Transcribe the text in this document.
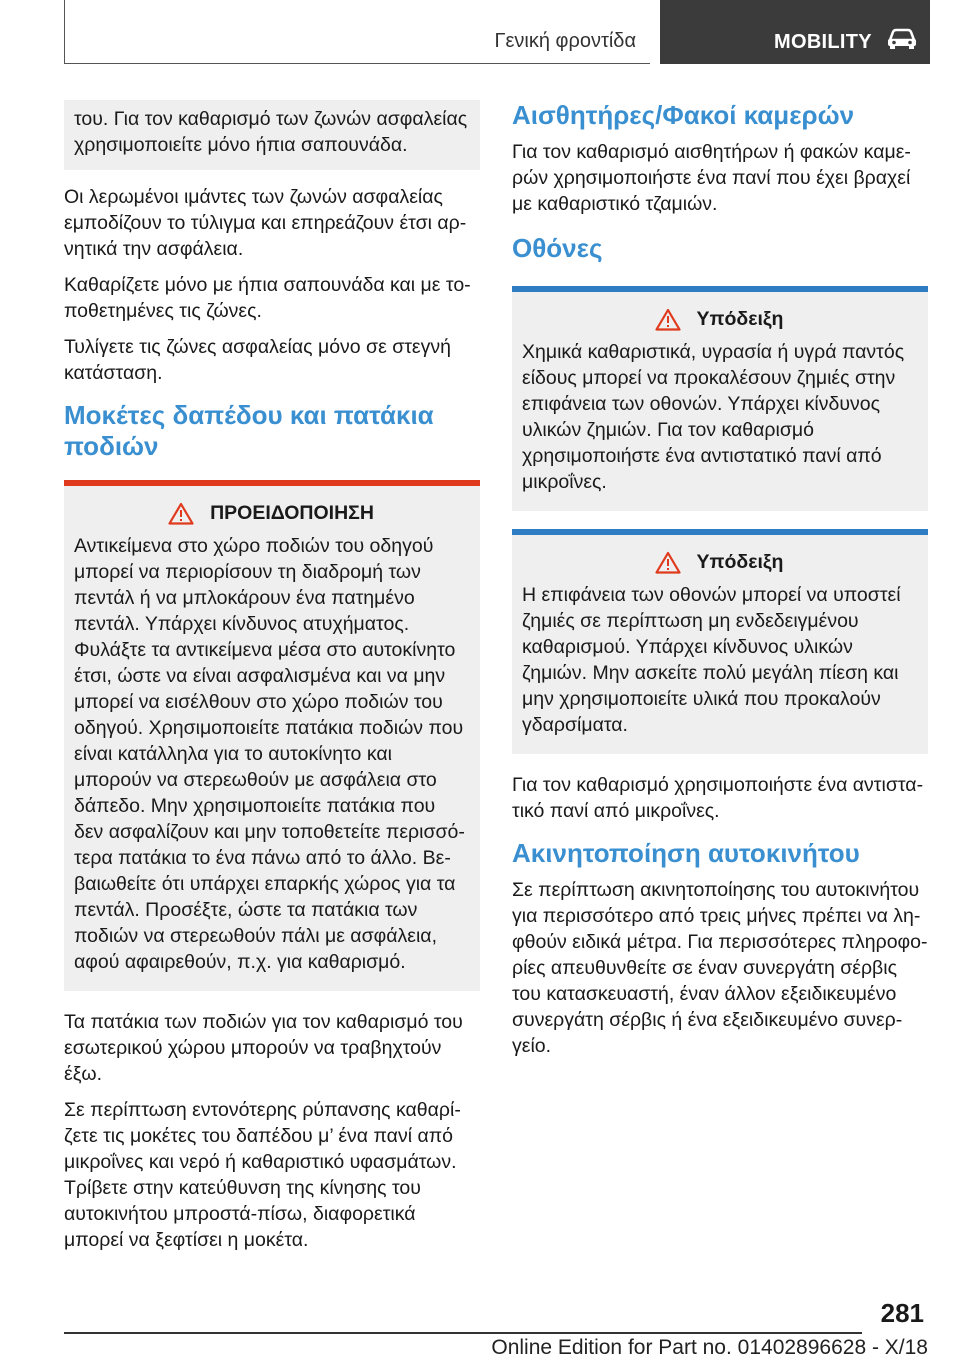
Γενική φροντίδα	MOBILITY

του. Για τον καθαρισμό των ζωνών ασφαλείας χρησιμοποιείτε μόνο ήπια σαπουνάδα.

Οι λερωμένοι ιμάντες των ζωνών ασφαλείας εμποδίζουν το τύλιγμα και επηρεάζουν έτσι αρνητικά την ασφάλεια.

Καθαρίζετε μόνο με ήπια σαπουνάδα και με τοποθετημένες τις ζώνες.

Τυλίγετε τις ζώνες ασφαλείας μόνο σε στεγνή κατάσταση.

Μοκέτες δαπέδου και πατάκια ποδιών
ΠΡΟΕΙΔΟΠΟΙΗΣΗ

Αντικείμενα στο χώρο ποδιών του οδηγού μπορεί να περιορίσουν τη διαδρομή των πεντάλ ή να μπλοκάρουν ένα πατημένο πεντάλ. Υπάρχει κίνδυνος ατυχήματος. Φυλάξτε τα αντικείμενα μέσα στο αυτοκίνητο έτσι, ώστε να είναι ασφαλισμένα και να μην μπορεί να εισέλθουν στο χώρο ποδιών του οδηγού. Χρησιμοποιείτε πατάκια ποδιών που είναι κατάλληλα για το αυτοκίνητο και μπορούν να στερεωθούν με ασφάλεια στο δάπεδο. Μην χρησιμοποιείτε πατάκια που δεν ασφαλίζουν και μην τοποθετείτε περισσότερα πατάκια το ένα πάνω από το άλλο. Βεβαιωθείτε ότι υπάρχει επαρκής χώρος για τα πεντάλ. Προσέξτε, ώστε τα πατάκια των ποδιών να στερεωθούν πάλι με ασφάλεια, αφού αφαιρεθούν, π.χ. για καθαρισμό.

Τα πατάκια των ποδιών για τον καθαρισμό του εσωτερικού χώρου μπορούν να τραβηχτούν έξω.

Σε περίπτωση εντονότερης ρύπανσης καθαρίζετε τις μοκέτες του δαπέδου μ’ ένα πανί από μικροΐνες και νερό ή καθαριστικό υφασμάτων. Τρίβετε στην κατεύθυνση της κίνησης του αυτοκινήτου μπροστά-πίσω, διαφορετικά μπορεί να ξεφτίσει η μοκέτα.

Αισθητήρες/Φακοί καμερών

Για τον καθαρισμό αισθητήρων ή φακών καμερών χρησιμοποιήστε ένα πανί που έχει βραχεί με καθαριστικό τζαμιών.

Οθόνες
Υπόδειξη

Χημικά καθαριστικά, υγρασία ή υγρά παντός είδους μπορεί να προκαλέσουν ζημιές στην επιφάνεια των οθονών. Υπάρχει κίνδυνος υλικών ζημιών. Για τον καθαρισμό χρησιμοποιήστε ένα αντιστατικό πανί από μικροΐνες.

Υπόδειξη

Η επιφάνεια των οθονών μπορεί να υποστεί ζημιές σε περίπτωση μη ενδεδειγμένου καθαρισμού. Υπάρχει κίνδυνος υλικών ζημιών. Μην ασκείτε πολύ μεγάλη πίεση και μην χρησιμοποιείτε υλικά που προκαλούν γδαρσίματα.

Για τον καθαρισμό χρησιμοποιήστε ένα αντιστατικό πανί από μικροΐνες.

Ακινητοποίηση αυτοκινήτου

Σε περίπτωση ακινητοποίησης του αυτοκινήτου για περισσότερο από τρεις μήνες πρέπει να ληφθούν ειδικά μέτρα. Για περισσότερες πληροφορίες απευθυνθείτε σε έναν συνεργάτη σέρβις του κατασκευαστή, έναν άλλον εξειδικευμένο συνεργάτη σέρβις ή ένα εξειδικευμένο συνεργείο.

281
Online Edition for Part no. 01402896628 - X/18
